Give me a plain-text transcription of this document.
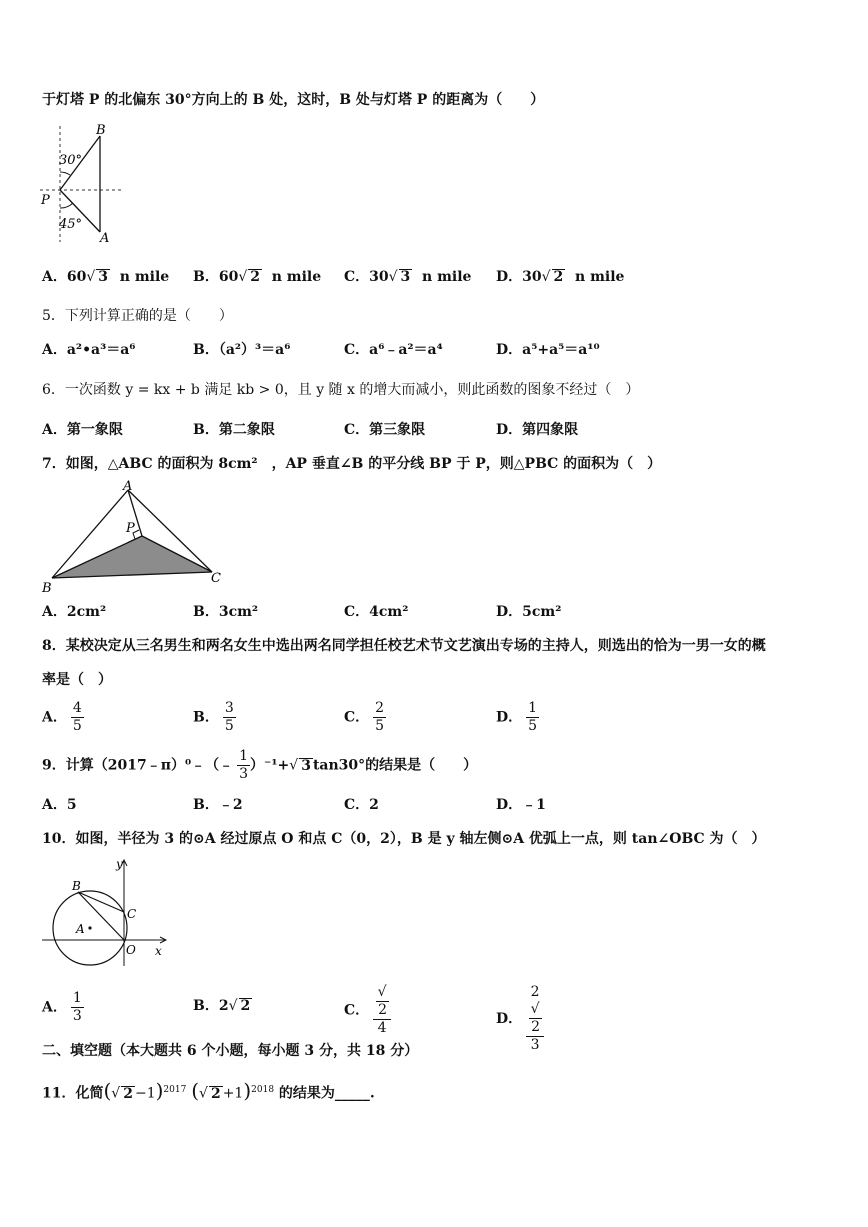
于灯塔 P 的北偏东 30°方向上的 B 处，这时，B 处与灯塔 P 的距离为（　　）
B
30°
P
45°
A
A．60√ 3 n mile B．60√ 2 n mile C．30√ 3 n mile D．30√ 2 n mile
5．下列计算正确的是（　　）
A．a²•a³＝a⁶	B．（a²）³＝a⁶	C．a⁶﹣a²＝a⁴	D．a⁵+a⁵＝a¹⁰
6．一次函数 y = kx + b 满足 kb > 0，且 y 随 x 的增大而减小，则此函数的图象不经过（　）
A．第一象限	B．第二象限	C．第三象限	D．第四象限
7．如图，△ABC 的面积为 8cm²　，AP 垂直∠B 的平分线 BP 于 P，则△PBC 的面积为（　）
A
P
B
C
A．2cm²	B．3cm²	C．4cm²	D．5cm²
8．某校决定从三名男生和两名女生中选出两名同学担任校艺术节文艺演出专场的主持人，则选出的恰为一男一女的概
率是（　）
A． $\frac{4}{5}$	B． $\frac{3}{5}$	C． $\frac{2}{5}$	D． $\frac{1}{5}$
9．计算（2017﹣π）⁰﹣（﹣ $\frac{1}{3} )^{-1}+√$ 3 tan30°的结果是（　　）
A．5	B．﹣2	C．2	D．﹣1
10．如图，半径为 3 的⊙A 经过原点 O 和点 C（0，2），B 是 y 轴左侧⊙A 优弧上一点，则 tan∠OBC 为（　）
y
x
B
C
A
O
A． $\frac{1}{3}$	B．2√ 2	C． √
2
4	D． 2
√
2
3
二、填空题（本大题共 6 个小题，每小题 3 分，共 18 分）
11．化简(√ 2 −1)$^{2017}$ (√ 2 +1)$^{2018}$ 的结果为_____.
